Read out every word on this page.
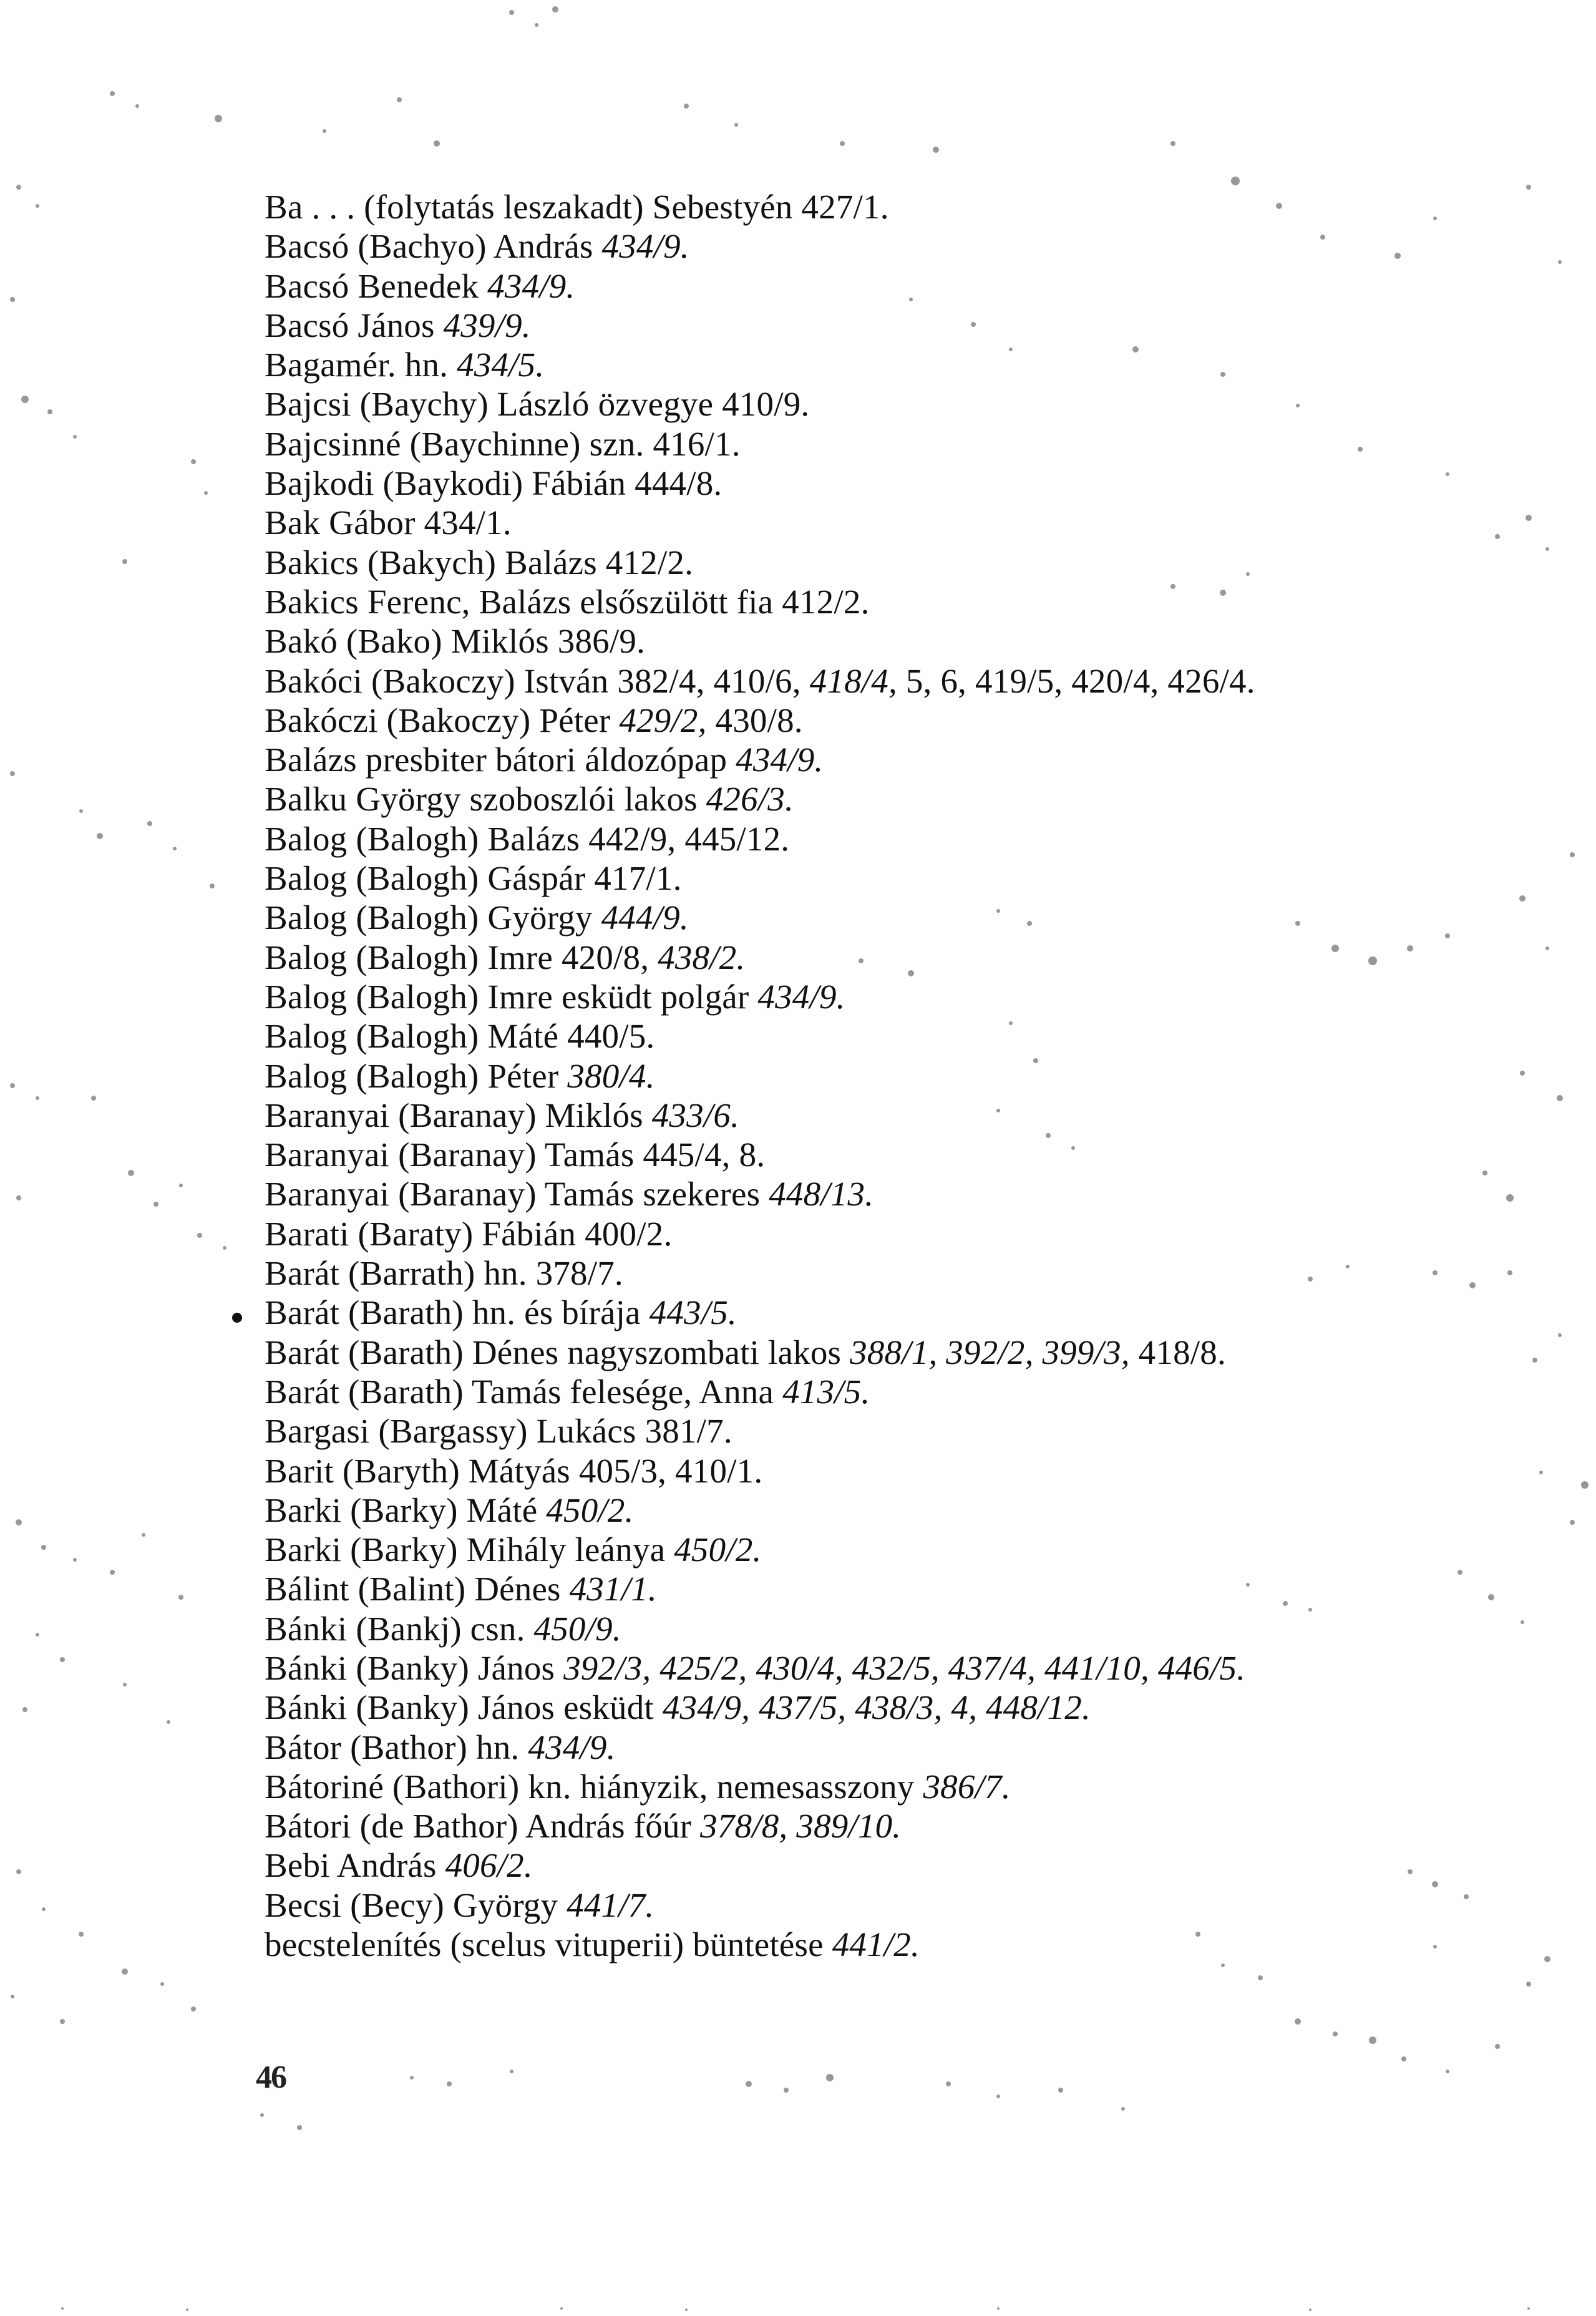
Ba . . . (folytatás leszakadt) Sebestyén 427/1.
Bacsó (Bachyo) András 434/9.
Bacsó Benedek 434/9.
Bacsó János 439/9.
Bagamér. hn. 434/5.
Bajcsi (Baychy) László özvegye 410/9.
Bajcsinné (Baychinne) szn. 416/1.
Bajkodi (Baykodi) Fábián 444/8.
Bak Gábor 434/1.
Bakics (Bakych) Balázs 412/2.
Bakics Ferenc, Balázs elsőszülött fia 412/2.
Bakó (Bako) Miklós 386/9.
Bakóci (Bakoczy) István 382/4, 410/6, 418/4, 5, 6, 419/5, 420/4, 426/4.
Bakóczi (Bakoczy) Péter 429/2, 430/8.
Balázs presbiter bátori áldozópap 434/9.
Balku György szoboszlói lakos 426/3.
Balog (Balogh) Balázs 442/9, 445/12.
Balog (Balogh) Gáspár 417/1.
Balog (Balogh) György 444/9.
Balog (Balogh) Imre 420/8, 438/2.
Balog (Balogh) Imre esküdt polgár 434/9.
Balog (Balogh) Máté 440/5.
Balog (Balogh) Péter 380/4.
Baranyai (Baranay) Miklós 433/6.
Baranyai (Baranay) Tamás 445/4, 8.
Baranyai (Baranay) Tamás szekeres 448/13.
Barati (Baraty) Fábián 400/2.
Barát (Barrath) hn. 378/7.
Barát (Barath) hn. és bírája 443/5.
Barát (Barath) Dénes nagyszombati lakos 388/1, 392/2, 399/3, 418/8.
Barát (Barath) Tamás felesége, Anna 413/5.
Bargasi (Bargassy) Lukács 381/7.
Barit (Baryth) Mátyás 405/3, 410/1.
Barki (Barky) Máté 450/2.
Barki (Barky) Mihály leánya 450/2.
Bálint (Balint) Dénes 431/1.
Bánki (Bankj) csn. 450/9.
Bánki (Banky) János 392/3, 425/2, 430/4, 432/5, 437/4, 441/10, 446/5.
Bánki (Banky) János esküdt 434/9, 437/5, 438/3, 4, 448/12.
Bátor (Bathor) hn. 434/9.
Bátoriné (Bathori) kn. hiányzik, nemesasszony 386/7.
Bátori (de Bathor) András főúr 378/8, 389/10.
Bebi András 406/2.
Becsi (Becy) György 441/7.
becstelenítés (scelus vituperii) büntetése 441/2.
46
